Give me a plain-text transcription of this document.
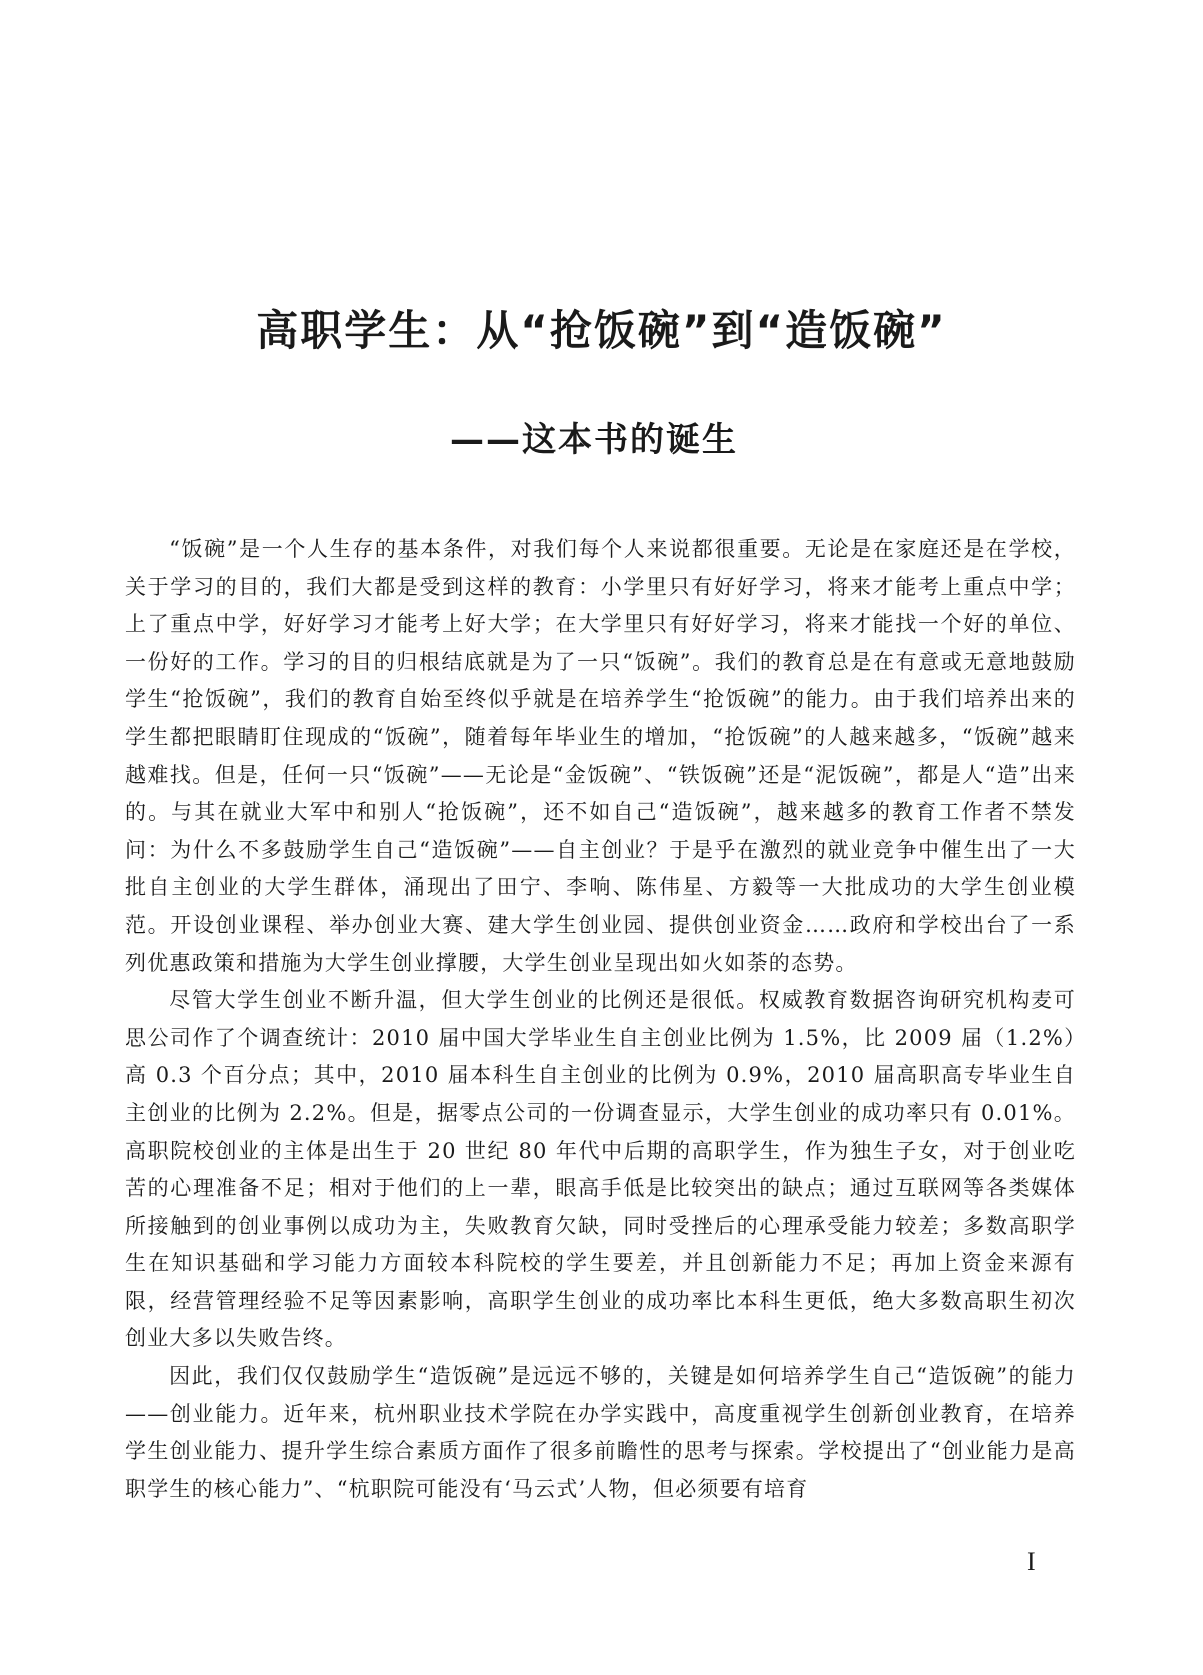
高职学生：从“抢饭碗”到“造饭碗”
——这本书的诞生

“饭碗”是一个人生存的基本条件，对我们每个人来说都很重要。无论是在家庭还是在学校，关于学习的目的，我们大都是受到这样的教育：小学里只有好好学习，将来才能考上重点中学；上了重点中学，好好学习才能考上好大学；在大学里只有好好学习，将来才能找一个好的单位、一份好的工作。学习的目的归根结底就是为了一只“饭碗”。我们的教育总是在有意或无意地鼓励学生“抢饭碗”，我们的教育自始至终似乎就是在培养学生“抢饭碗”的能力。由于我们培养出来的学生都把眼睛盯住现成的“饭碗”，随着每年毕业生的增加，“抢饭碗”的人越来越多，“饭碗”越来越难找。但是，任何一只“饭碗”——无论是“金饭碗”、“铁饭碗”还是“泥饭碗”，都是人“造”出来的。与其在就业大军中和别人“抢饭碗”，还不如自己“造饭碗”，越来越多的教育工作者不禁发问：为什么不多鼓励学生自己“造饭碗”——自主创业？于是乎在激烈的就业竞争中催生出了一大批自主创业的大学生群体，涌现出了田宁、李响、陈伟星、方毅等一大批成功的大学生创业模范。开设创业课程、举办创业大赛、建大学生创业园、提供创业资金……政府和学校出台了一系列优惠政策和措施为大学生创业撑腰，大学生创业呈现出如火如荼的态势。

尽管大学生创业不断升温，但大学生创业的比例还是很低。权威教育数据咨询研究机构麦可思公司作了个调查统计：2010 届中国大学毕业生自主创业比例为 1.5%，比 2009 届（1.2%）高 0.3 个百分点；其中，2010 届本科生自主创业的比例为 0.9%，2010 届高职高专毕业生自主创业的比例为 2.2%。但是，据零点公司的一份调查显示，大学生创业的成功率只有 0.01%。高职院校创业的主体是出生于 20 世纪 80 年代中后期的高职学生，作为独生子女，对于创业吃苦的心理准备不足；相对于他们的上一辈，眼高手低是比较突出的缺点；通过互联网等各类媒体所接触到的创业事例以成功为主，失败教育欠缺，同时受挫后的心理承受能力较差；多数高职学生在知识基础和学习能力方面较本科院校的学生要差，并且创新能力不足；再加上资金来源有限，经营管理经验不足等因素影响，高职学生创业的成功率比本科生更低，绝大多数高职生初次创业大多以失败告终。

因此，我们仅仅鼓励学生“造饭碗”是远远不够的，关键是如何培养学生自己“造饭碗”的能力——创业能力。近年来，杭州职业技术学院在办学实践中，高度重视学生创新创业教育，在培养学生创业能力、提升学生综合素质方面作了很多前瞻性的思考与探索。学校提出了“创业能力是高职学生的核心能力”、“杭职院可能没有‘马云式’人物，但必须要有培育

I
